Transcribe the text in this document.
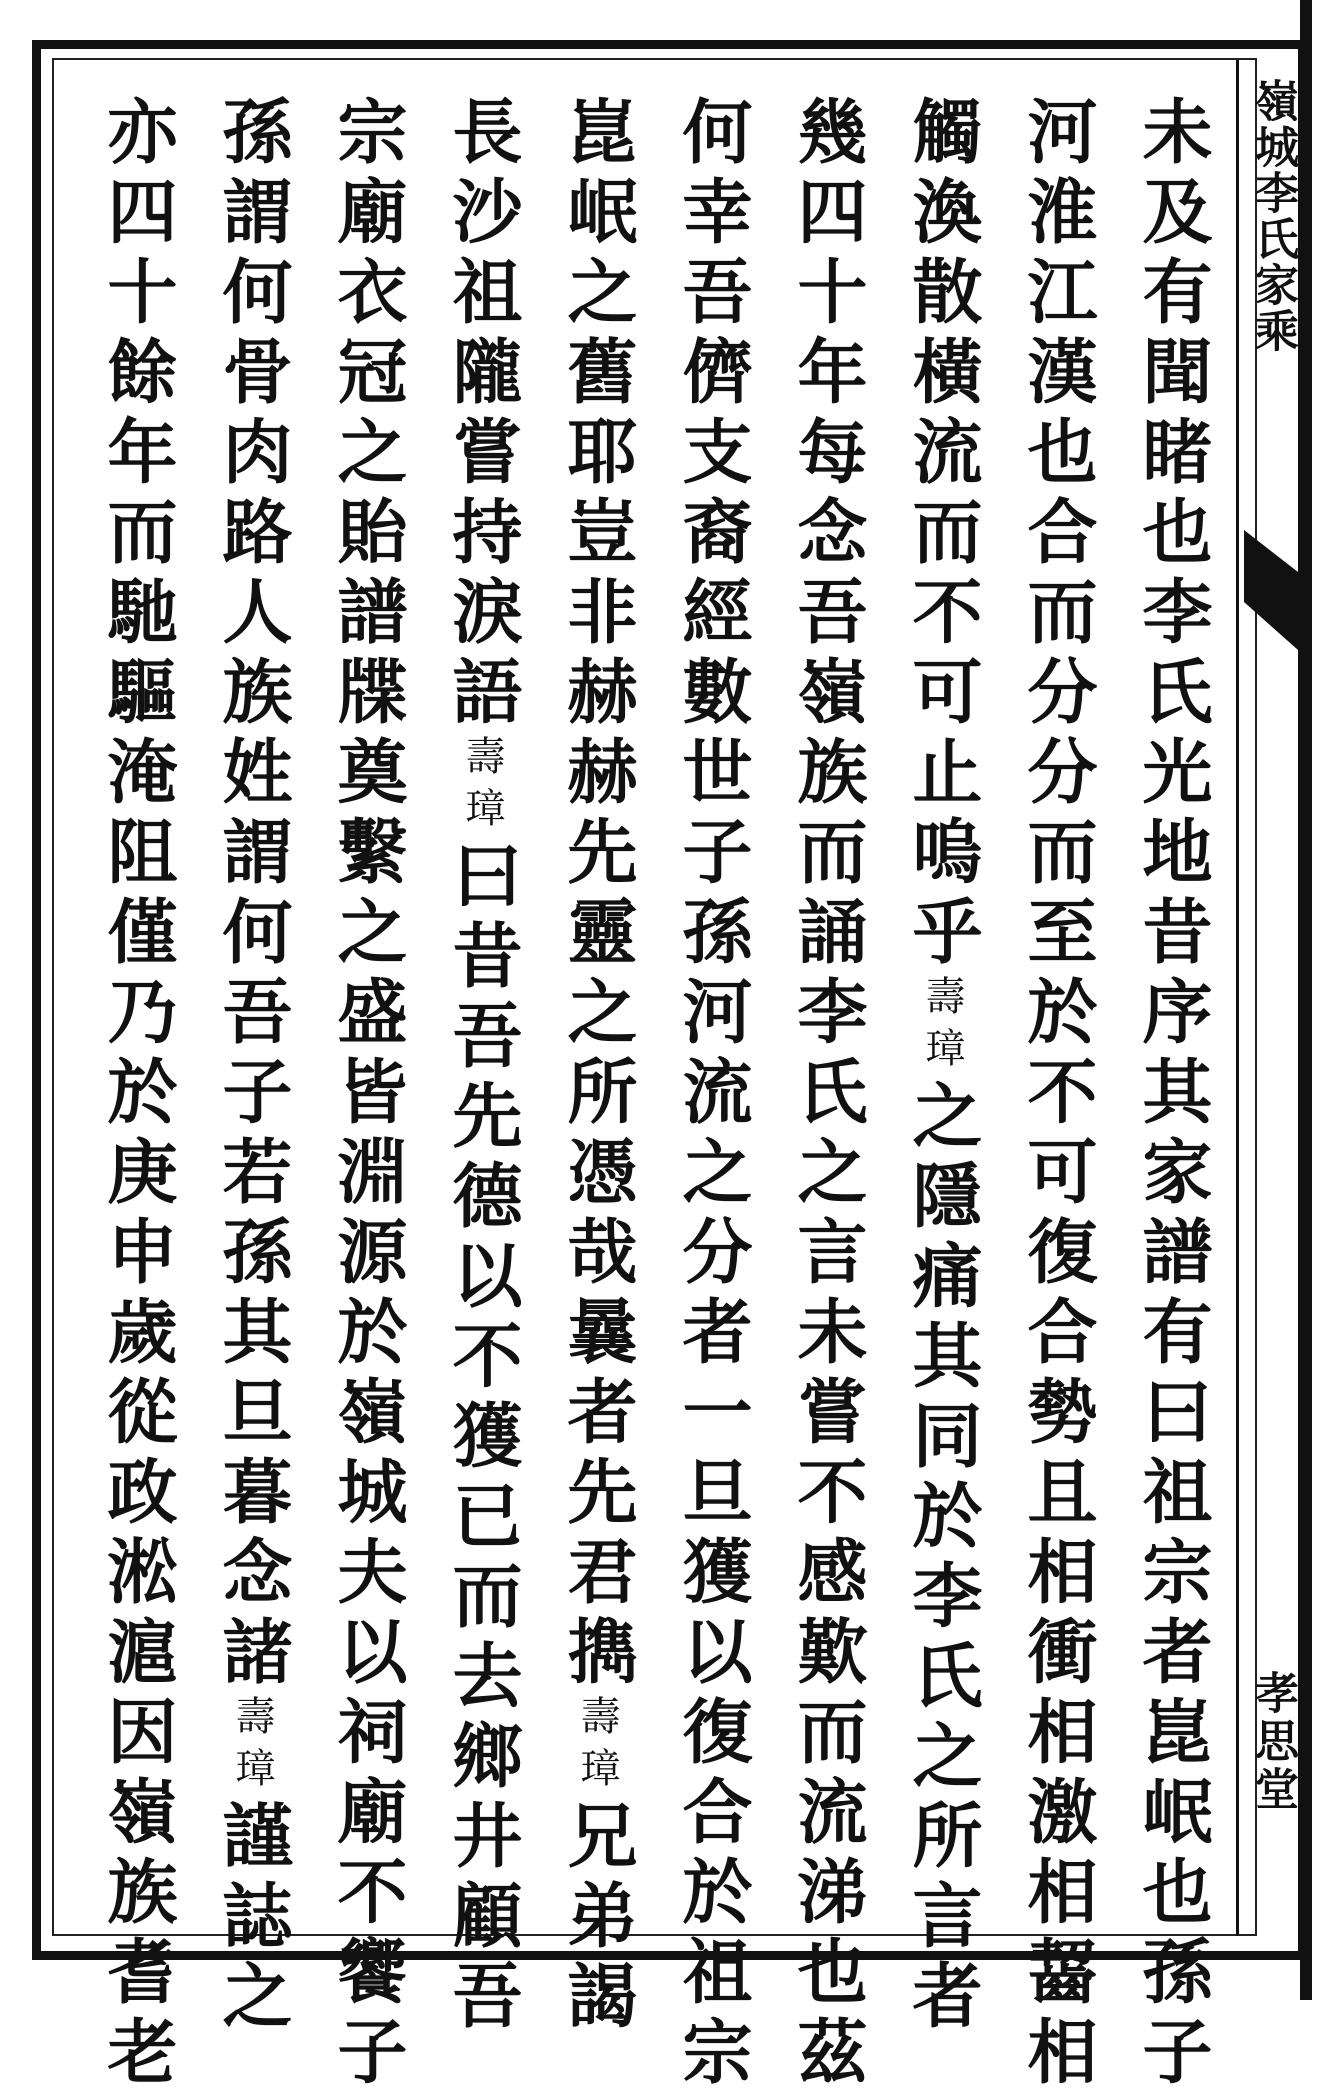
嶺城李氏家乘
孝思堂
未及有聞睹也李氏光地昔序其家譜有曰祖宗者崑岷也孫子
河淮江漢也合而分分而至於不可復合勢且相衝相激相齧相
觸渙散橫流而不可止嗚乎壽璋之隱痛其同於李氏之所言者
幾四十年每念吾嶺族而誦李氏之言未嘗不感歎而流涕也茲
何幸吾儕支裔經數世子孫河流之分者一旦獲以復合於祖宗
崑岷之舊耶豈非赫赫先靈之所憑哉曩者先君擕壽璋兄弟謁
長沙祖隴嘗持淚語壽璋曰昔吾先德以不獲已而去鄉井顧吾
宗廟衣冠之貽譜牒奠繫之盛皆淵源於嶺城夫以祠廟不饗子
孫謂何骨肉路人族姓謂何吾子若孫其旦暮念諸壽璋謹誌之
亦四十餘年而馳驅淹阻僅乃於庚申歲從政淞滬因嶺族耆老
